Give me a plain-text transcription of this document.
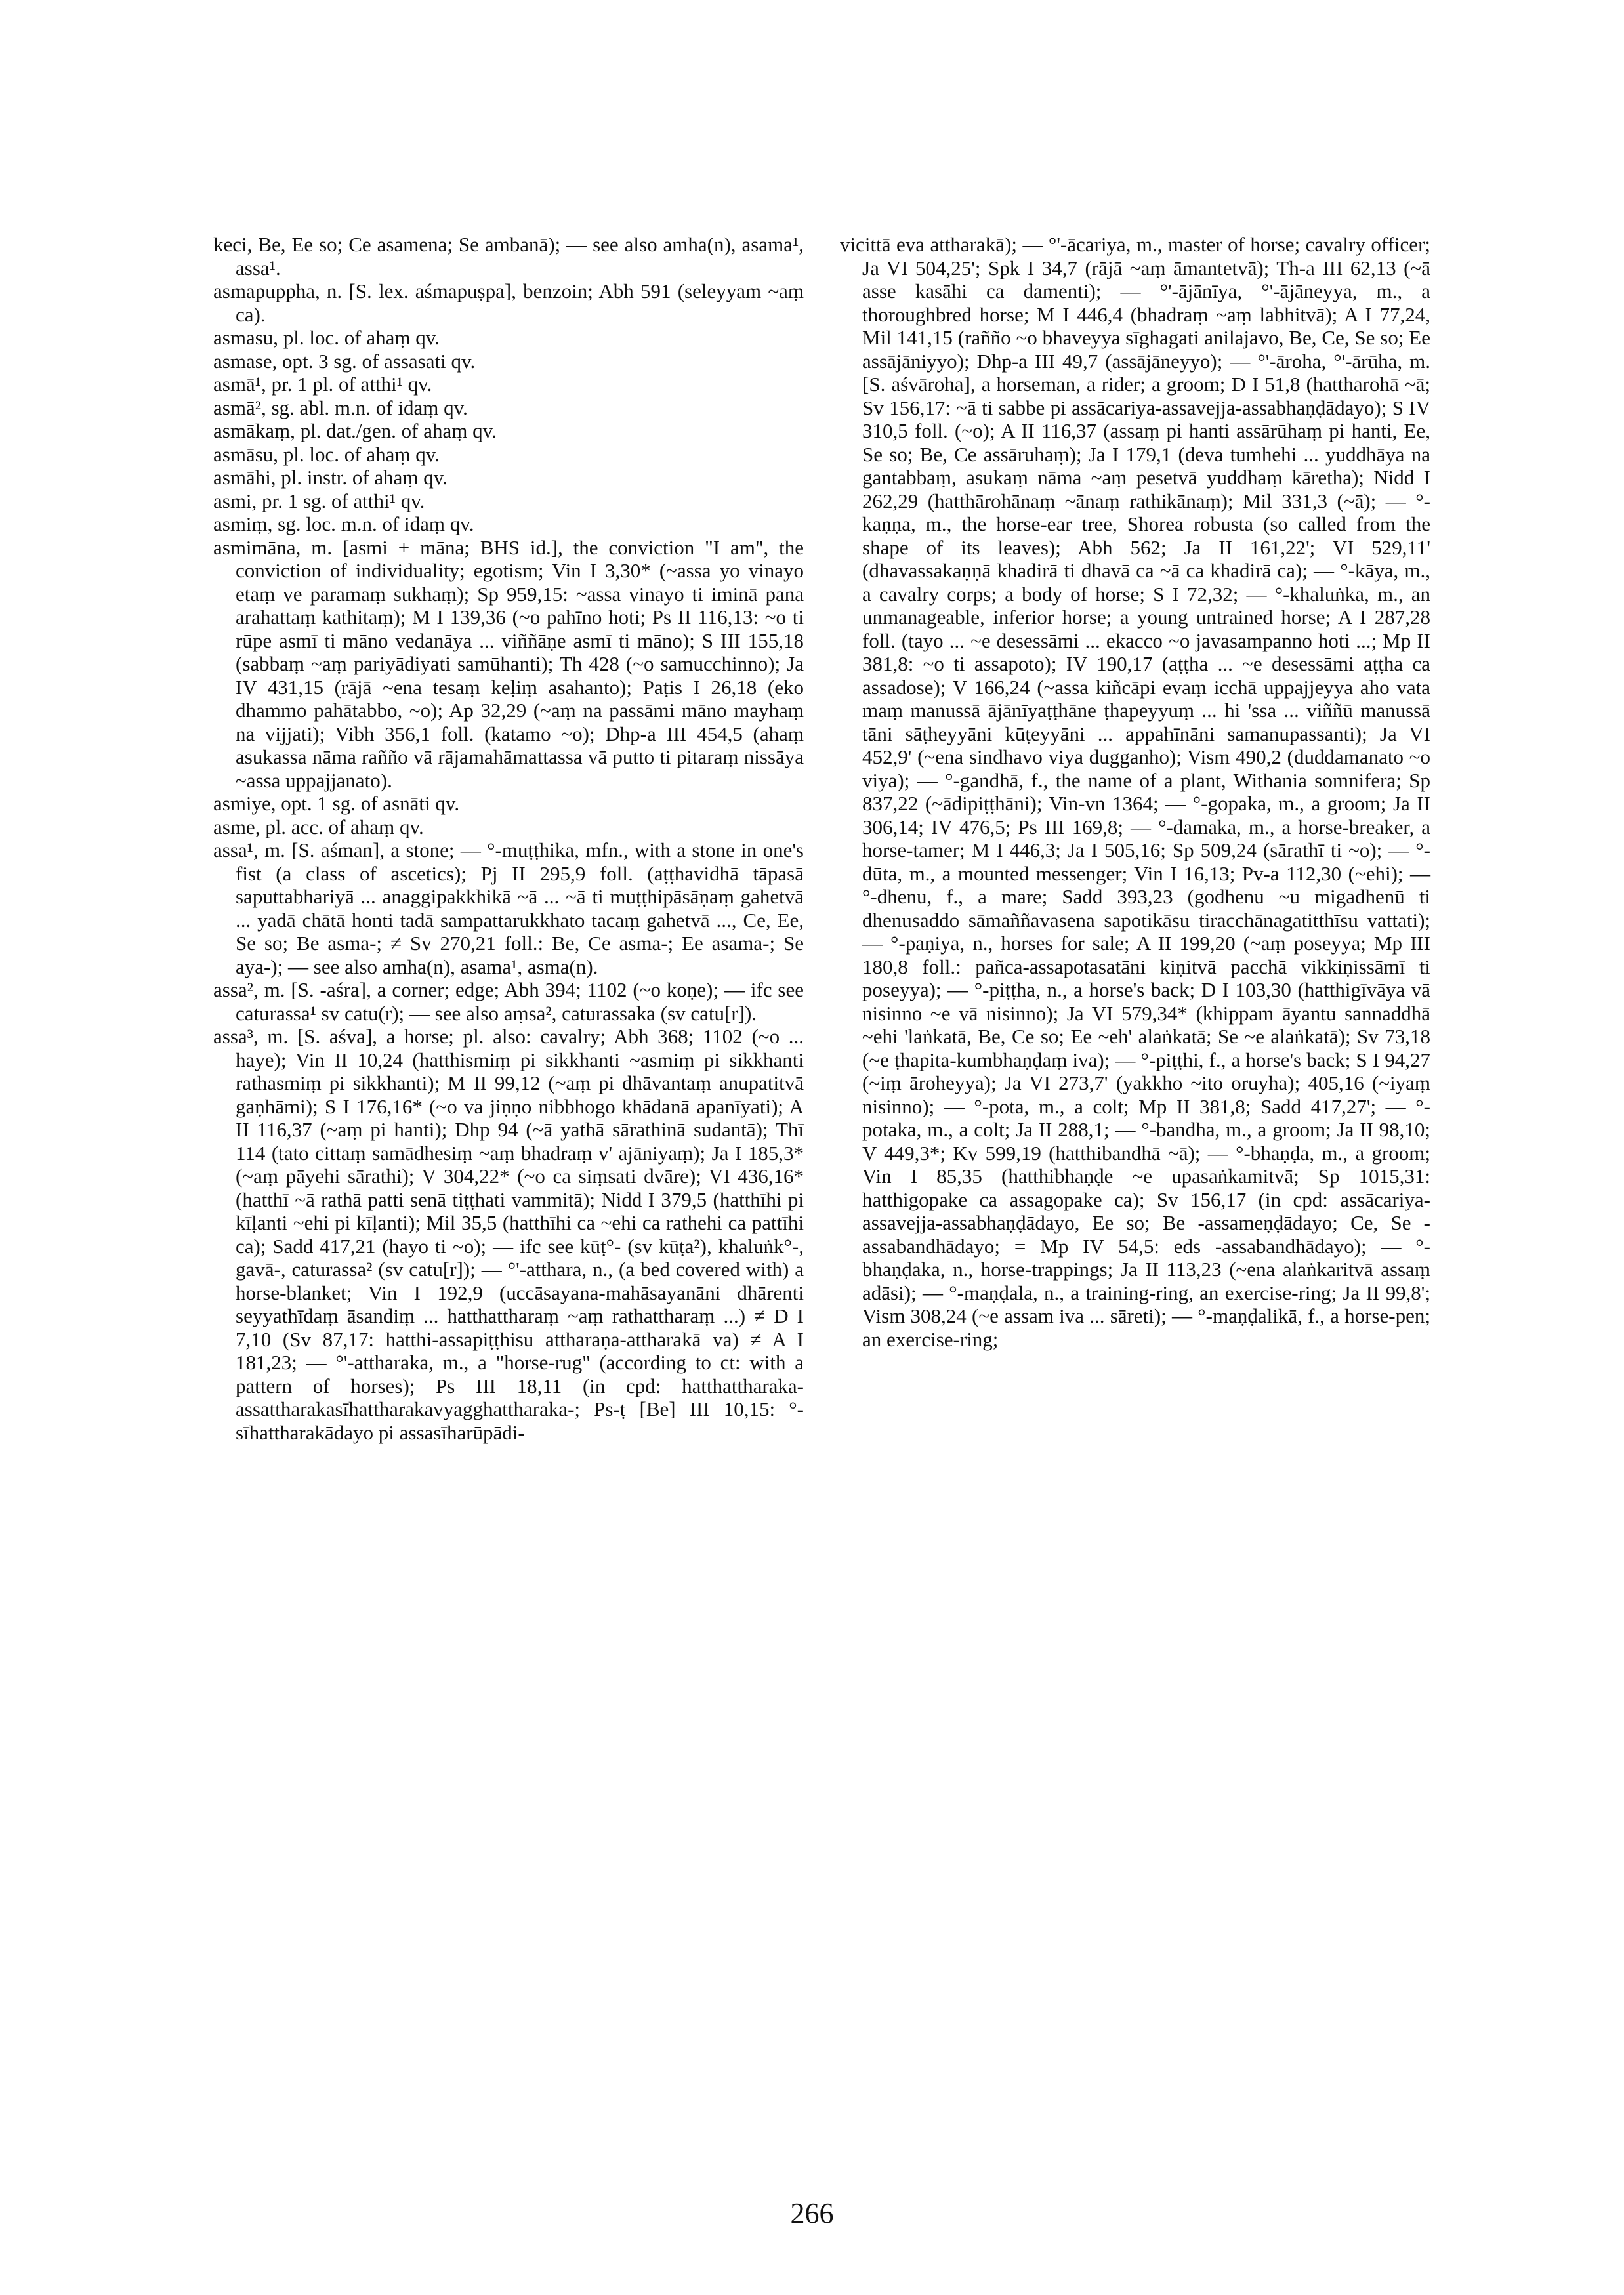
keci, Be, Ee so; Ce asamena; Se ambanā); — see also amha(n), asama¹, assa¹.

asmapuppha, n. [S. lex. aśmapuṣpa], benzoin; Abh 591 (seleyyam ~aṃ ca).

asmasu, pl. loc. of ahaṃ qv.

asmase, opt. 3 sg. of assasati qv.

asmā¹, pr. 1 pl. of atthi¹ qv.

asmā², sg. abl. m.n. of idaṃ qv.

asmākaṃ, pl. dat./gen. of ahaṃ qv.

asmāsu, pl. loc. of ahaṃ qv.

asmāhi, pl. instr. of ahaṃ qv.

asmi, pr. 1 sg. of atthi¹ qv.

asmiṃ, sg. loc. m.n. of idaṃ qv.

asmimāna, m. [asmi + māna; BHS id.], the conviction "I am", the conviction of individuality; egotism; Vin I 3,30* (~assa yo vinayo etaṃ ve paramaṃ sukhaṃ); Sp 959,15: ~assa vinayo ti iminā pana arahattaṃ kathitaṃ); M I 139,36 (~o pahīno hoti; Ps II 116,13: ~o ti rūpe asmī ti māno vedanāya ... viññāṇe asmī ti māno); S III 155,18 (sabbaṃ ~aṃ pariyādiyati samūhanti); Th 428 (~o samucchinno); Ja IV 431,15 (rājā ~ena tesaṃ keḷiṃ asahanto); Paṭis I 26,18 (eko dhammo pahātabbo, ~o); Ap 32,29 (~aṃ na passāmi māno mayhaṃ na vijjati); Vibh 356,1 foll. (katamo ~o); Dhp-a III 454,5 (ahaṃ asukassa nāma rañño vā rājamahāmattassa vā putto ti pitaraṃ nissāya ~assa uppajjanato).

asmiye, opt. 1 sg. of asnāti qv.

asme, pl. acc. of ahaṃ qv.

assa¹, m. [S. aśman], a stone; — °-muṭṭhika, mfn., with a stone in one's fist (a class of ascetics); Pj II 295,9 foll. (aṭṭhavidhā tāpasā saputtabhariyā ... anaggipakkhikā ~ā ... ~ā ti muṭṭhipāsāṇaṃ gahetvā ... yadā chātā honti tadā sampattarukkhato tacaṃ gahetvā ..., Ce, Ee, Se so; Be asma-; ≠ Sv 270,21 foll.: Be, Ce asma-; Ee asama-; Se aya-); — see also amha(n), asama¹, asma(n).

assa², m. [S. -aśra], a corner; edge; Abh 394; 1102 (~o koṇe); — ifc see caturassa¹ sv catu(r); — see also aṃsa², caturassaka (sv catu[r]).

assa³, m. [S. aśva], a horse; pl. also: cavalry; Abh 368; 1102 (~o ... haye); Vin II 10,24 (hatthismiṃ pi sikkhanti ~asmiṃ pi sikkhanti rathasmiṃ pi sikkhanti); M II 99,12 (~aṃ pi dhāvantaṃ anupatitvā gaṇhāmi); S I 176,16* (~o va jiṇṇo nibbhogo khādanā apanīyati); A II 116,37 (~aṃ pi hanti); Dhp 94 (~ā yathā sārathinā sudantā); Thī 114 (tato cittaṃ samādhesiṃ ~aṃ bhadraṃ v' ajāniyaṃ); Ja I 185,3* (~aṃ pāyehi sārathi); V 304,22* (~o ca siṃsati dvāre); VI 436,16* (hatthī ~ā rathā patti senā tiṭṭhati vammitā); Nidd I 379,5 (hatthīhi pi kīḷanti ~ehi pi kīḷanti); Mil 35,5 (hatthīhi ca ~ehi ca rathehi ca pattīhi ca); Sadd 417,21 (hayo ti ~o); — ifc see kūṭ°- (sv kūṭa²), khaluṅk°-, gavā-, caturassa² (sv catu[r]); — °'-atthara, n., (a bed covered with) a horse-blanket; Vin I 192,9 (uccāsayana-mahāsayanāni dhārenti seyyathīdaṃ āsandiṃ ... hatthattharaṃ ~aṃ rathattharaṃ ...) ≠ D I 7,10 (Sv 87,17: hatthi-assapiṭṭhisu attharaṇa-attharakā va) ≠ A I 181,23; — °'-attharaka, m., a "horse-rug" (according to ct: with a pattern of horses); Ps III 18,11 (in cpd: hatthattharaka-assattharakasīhattharakavyagghattharaka-; Ps-ṭ [Be] III 10,15: °-sīhattharakādayo pi assasīharūpādi-

vicittā eva attharakā); — °'-ācariya, m., master of horse; cavalry officer; Ja VI 504,25'; Spk I 34,7 (rājā ~aṃ āmantetvā); Th-a III 62,13 (~ā asse kasāhi ca damenti); — °'-ājānīya, °'-ājāneyya, m., a thoroughbred horse; M I 446,4 (bhadraṃ ~aṃ labhitvā); A I 77,24, Mil 141,15 (rañño ~o bhaveyya sīghagati anilajavo, Be, Ce, Se so; Ee assājāniyyo); Dhp-a III 49,7 (assājāneyyo); — °'-āroha, °'-ārūha, m. [S. aśvāroha], a horseman, a rider; a groom; D I 51,8 (hattharohā ~ā; Sv 156,17: ~ā ti sabbe pi assācariya-assavejja-assabhaṇḍādayo); S IV 310,5 foll. (~o); A II 116,37 (assaṃ pi hanti assārūhaṃ pi hanti, Ee, Se so; Be, Ce assāruhaṃ); Ja I 179,1 (deva tumhehi ... yuddhāya na gantabbaṃ, asukaṃ nāma ~aṃ pesetvā yuddhaṃ kāretha); Nidd I 262,29 (hatthārohānaṃ ~ānaṃ rathikānaṃ); Mil 331,3 (~ā); — °-kaṇṇa, m., the horse-ear tree, Shorea robusta (so called from the shape of its leaves); Abh 562; Ja II 161,22'; VI 529,11' (dhavassakaṇṇā khadirā ti dhavā ca ~ā ca khadirā ca); — °-kāya, m., a cavalry corps; a body of horse; S I 72,32; — °-khaluṅka, m., an unmanageable, inferior horse; a young untrained horse; A I 287,28 foll. (tayo ... ~e desessāmi ... ekacco ~o javasampanno hoti ...; Mp II 381,8: ~o ti assapoto); IV 190,17 (aṭṭha ... ~e desessāmi aṭṭha ca assadose); V 166,24 (~assa kiñcāpi evaṃ icchā uppajjeyya aho vata maṃ manussā ājānīyaṭṭhāne ṭhapeyyuṃ ... hi 'ssa ... viññū manussā tāni sāṭheyyāni kūṭeyyāni ... appahīnāni samanupassanti); Ja VI 452,9' (~ena sindhavo viya dugganho); Vism 490,2 (duddamanato ~o viya); — °-gandhā, f., the name of a plant, Withania somnifera; Sp 837,22 (~ādipiṭṭhāni); Vin-vn 1364; — °-gopaka, m., a groom; Ja II 306,14; IV 476,5; Ps III 169,8; — °-damaka, m., a horse-breaker, a horse-tamer; M I 446,3; Ja I 505,16; Sp 509,24 (sārathī ti ~o); — °-dūta, m., a mounted messenger; Vin I 16,13; Pv-a 112,30 (~ehi); — °-dhenu, f., a mare; Sadd 393,23 (godhenu ~u migadhenū ti dhenusaddo sāmaññavasena sapotikāsu tiracchānagatitthīsu vattati); — °-paṇiya, n., horses for sale; A II 199,20 (~aṃ poseyya; Mp III 180,8 foll.: pañca-assapotasatāni kiṇitvā pacchā vikkiṇissāmī ti poseyya); — °-piṭṭha, n., a horse's back; D I 103,30 (hatthigīvāya vā nisinno ~e vā nisinno); Ja VI 579,34* (khippam āyantu sannaddhā ~ehi 'laṅkatā, Be, Ce so; Ee ~eh' alaṅkatā; Se ~e alaṅkatā); Sv 73,18 (~e ṭhapita-kumbhaṇḍaṃ iva); — °-piṭṭhi, f., a horse's back; S I 94,27 (~iṃ āroheyya); Ja VI 273,7' (yakkho ~ito oruyha); 405,16 (~iyaṃ nisinno); — °-pota, m., a colt; Mp II 381,8; Sadd 417,27'; — °-potaka, m., a colt; Ja II 288,1; — °-bandha, m., a groom; Ja II 98,10; V 449,3*; Kv 599,19 (hatthibandhā ~ā); — °-bhaṇḍa, m., a groom; Vin I 85,35 (hatthibhaṇḍe ~e upasaṅkamitvā; Sp 1015,31: hatthigopake ca assagopake ca); Sv 156,17 (in cpd: assācariya-assavejja-assabhaṇḍādayo, Ee so; Be -assameṇḍādayo; Ce, Se -assabandhādayo; = Mp IV 54,5: eds -assabandhādayo); — °-bhaṇḍaka, n., horse-trappings; Ja II 113,23 (~ena alaṅkaritvā assaṃ adāsi); — °-maṇḍala, n., a training-ring, an exercise-ring; Ja II 99,8'; Vism 308,24 (~e assam iva ... sāreti); — °-maṇḍalikā, f., a horse-pen; an exercise-ring;

266
